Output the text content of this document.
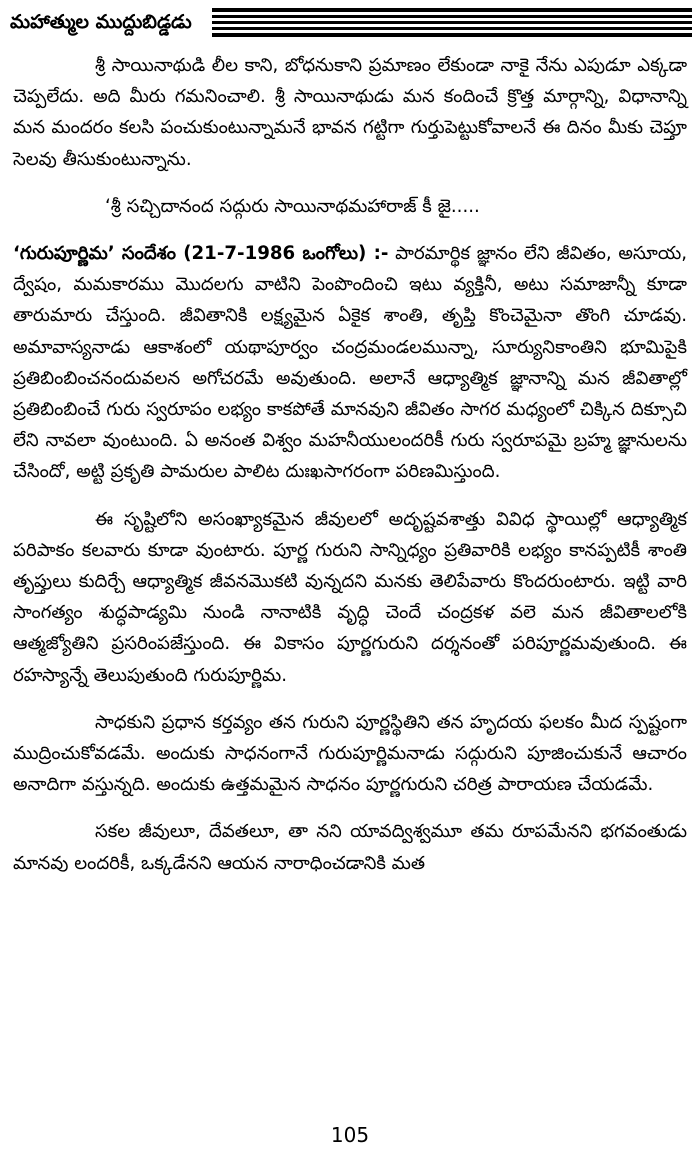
మహాత్ముల ముద్దుబిడ్డడు

శ్రీ సాయినాథుడి లీల కాని, బోధనుకాని ప్రమాణం లేకుండా నాకై నేను ఎపుడూ ఎక్కడా చెప్పలేదు. అది మీరు గమనించాలి. శ్రీ సాయినాథుడు మన కందించే క్రొత్త మార్గాన్ని, విధానాన్ని మన మందరం కలసి పంచుకుంటున్నామనే భావన గట్టిగా గుర్తుపెట్టుకోవాలనే ఈ దినం మీకు చెప్తూ సెలవు తీసుకుంటున్నాను.

‘శ్రీ సచ్చిదానంద సద్గురు సాయినాథమహారాజ్ కీ జై.....

‘గురుపూర్ణిమ’ సందేశం (21-7-1986 ఒంగోలు) :- పారమార్థిక జ్ఞానం లేని జీవితం, అసూయ, ద్వేషం, మమకారము మొదలగు వాటిని పెంపొందించి ఇటు వ్యక్తినీ, అటు సమాజాన్నీ కూడా తారుమారు చేస్తుంది. జీవితానికి లక్ష్యమైన ఏకైక శాంతి, తృప్తి కొంచెమైనా తొంగి చూడవు. అమావాస్యనాడు ఆకాశంలో యథాపూర్వం చంద్రమండలమున్నా, సూర్యునికాంతిని భూమిపైకి ప్రతిబింబించనందువలన అగోచరమే అవుతుంది. అలానే ఆధ్యాత్మిక జ్ఞానాన్ని మన జీవితాల్లో ప్రతిబింబించే గురు స్వరూపం లభ్యం కాకపోతే మానవుని జీవితం సాగర మధ్యంలో చిక్కిన దిక్సూచి లేని నావలా వుంటుంది. ఏ అనంత విశ్వం మహనీయులందరికీ గురు స్వరూపమై బ్రహ్మ జ్ఞానులను చేసిందో, అట్టి ప్రకృతి పామరుల పాలిట దుఃఖసాగరంగా పరిణమిస్తుంది.

ఈ సృష్టిలోని అసంఖ్యాకమైన జీవులలో అదృష్టవశాత్తు వివిధ స్థాయిల్లో ఆధ్యాత్మిక పరిపాకం కలవారు కూడా వుంటారు. పూర్ణ గురుని సాన్నిధ్యం ప్రతివారికి లభ్యం కానప్పటికీ శాంతి తృప్తులు కుదిర్చే ఆధ్యాత్మిక జీవనమొకటి వున్నదని మనకు తెలిపేవారు కొందరుంటారు. ఇట్టి వారి సాంగత్యం శుద్ధపాడ్యమి నుండి నానాటికి వృద్ధి చెందే చంద్రకళ వలె మన జీవితాలలోకి ఆత్మజ్యోతిని ప్రసరింపజేస్తుంది. ఈ వికాసం పూర్ణగురుని దర్శనంతో పరిపూర్ణమవుతుంది. ఈ రహస్యాన్నే తెలుపుతుంది గురుపూర్ణిమ.

సాధకుని ప్రధాన కర్తవ్యం తన గురుని పూర్ణస్థితిని తన హృదయ ఫలకం మీద స్పష్టంగా ముద్రించుకోవడమే. అందుకు సాధనంగానే గురుపూర్ణిమనాడు సద్గురుని పూజించుకునే ఆచారం అనాదిగా వస్తున్నది. అందుకు ఉత్తమమైన సాధనం పూర్ణగురుని చరిత్ర పారాయణ చేయడమే.

సకల జీవులూ, దేవతలూ, తా నని యావద్విశ్వమూ తమ రూపమేనని భగవంతుడు మానవు లందరికీ, ఒక్కడేనని ఆయన నారాధించడానికి మత

105
